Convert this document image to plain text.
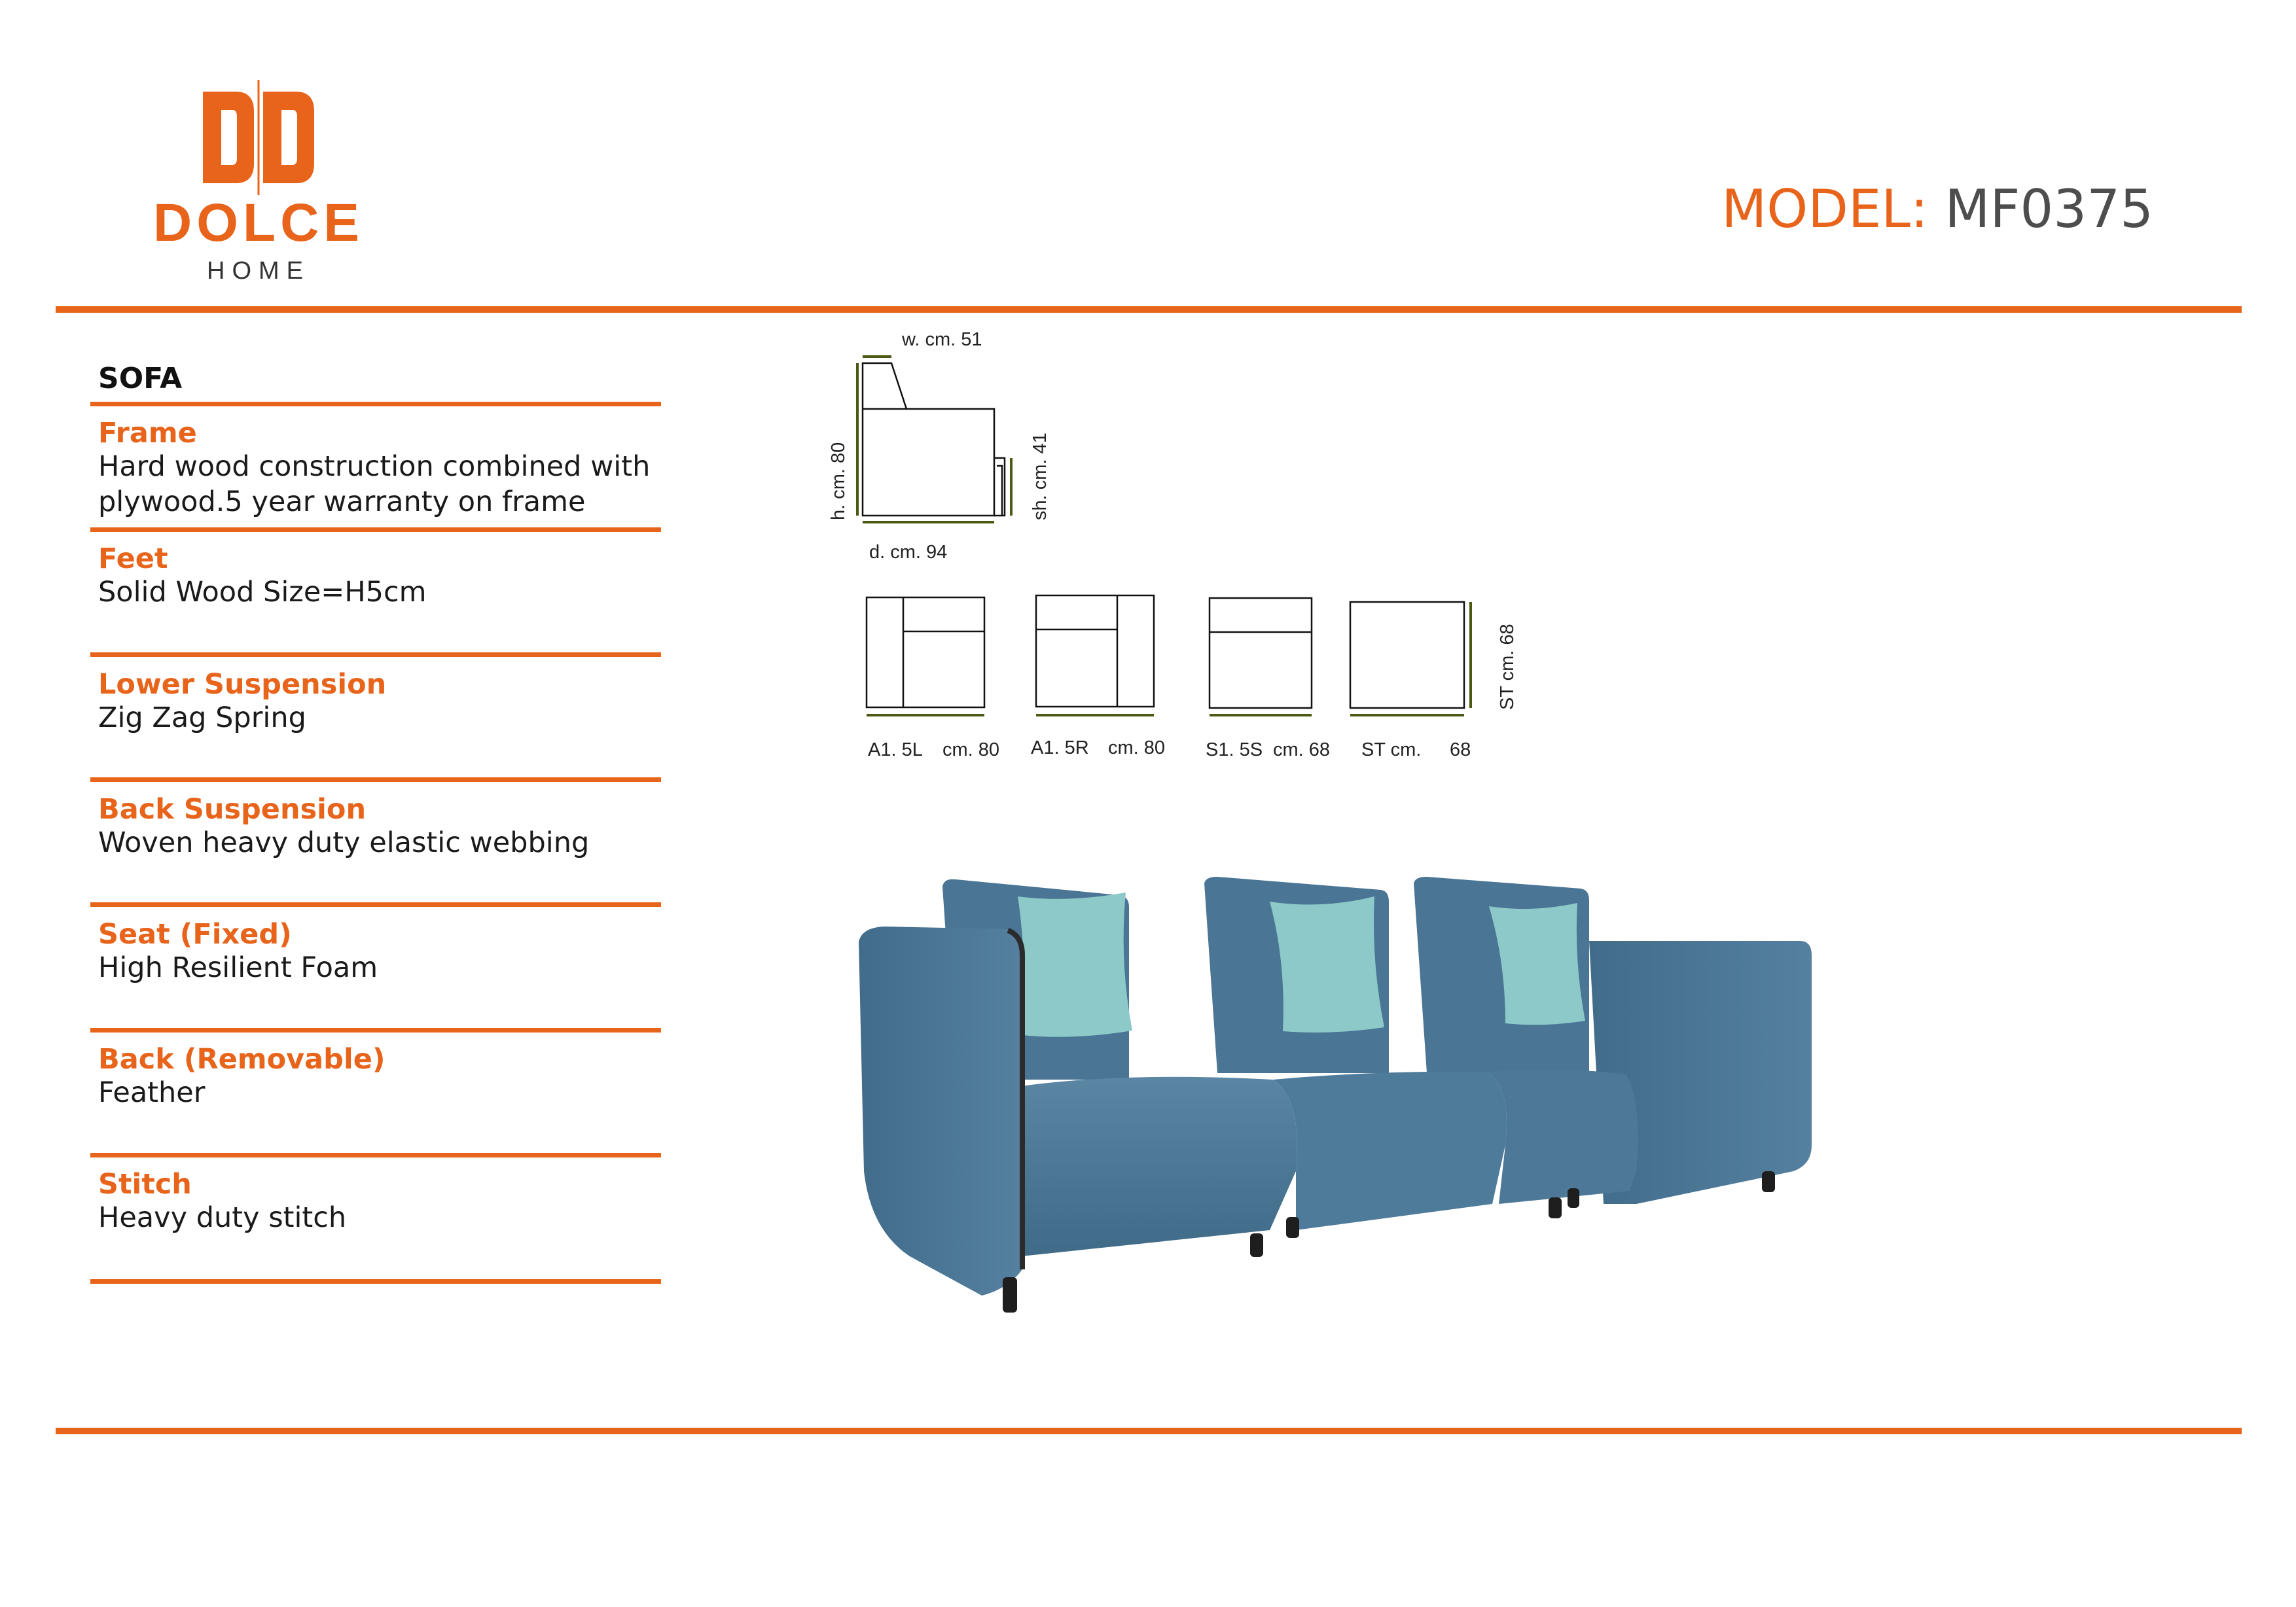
DOLCE
HOME
MODEL: MF0375
SOFA
Frame
Hard wood construction combined with
plywood.5 year warranty on frame
Feet
Solid Wood Size=H5cm
Lower Suspension
Zig Zag Spring
Back Suspension
Woven heavy duty elastic webbing
Seat (Fixed)
High Resilient Foam
Back (Removable)
Feather
Stitch
Heavy duty stitch
w. cm. 51
h. cm. 80	sh. cm. 41
d. cm. 94
A1. 5L cm. 80 A1. 5R cm. 80 S1. 5S cm. 68 ST cm. 68
ST cm. 68
